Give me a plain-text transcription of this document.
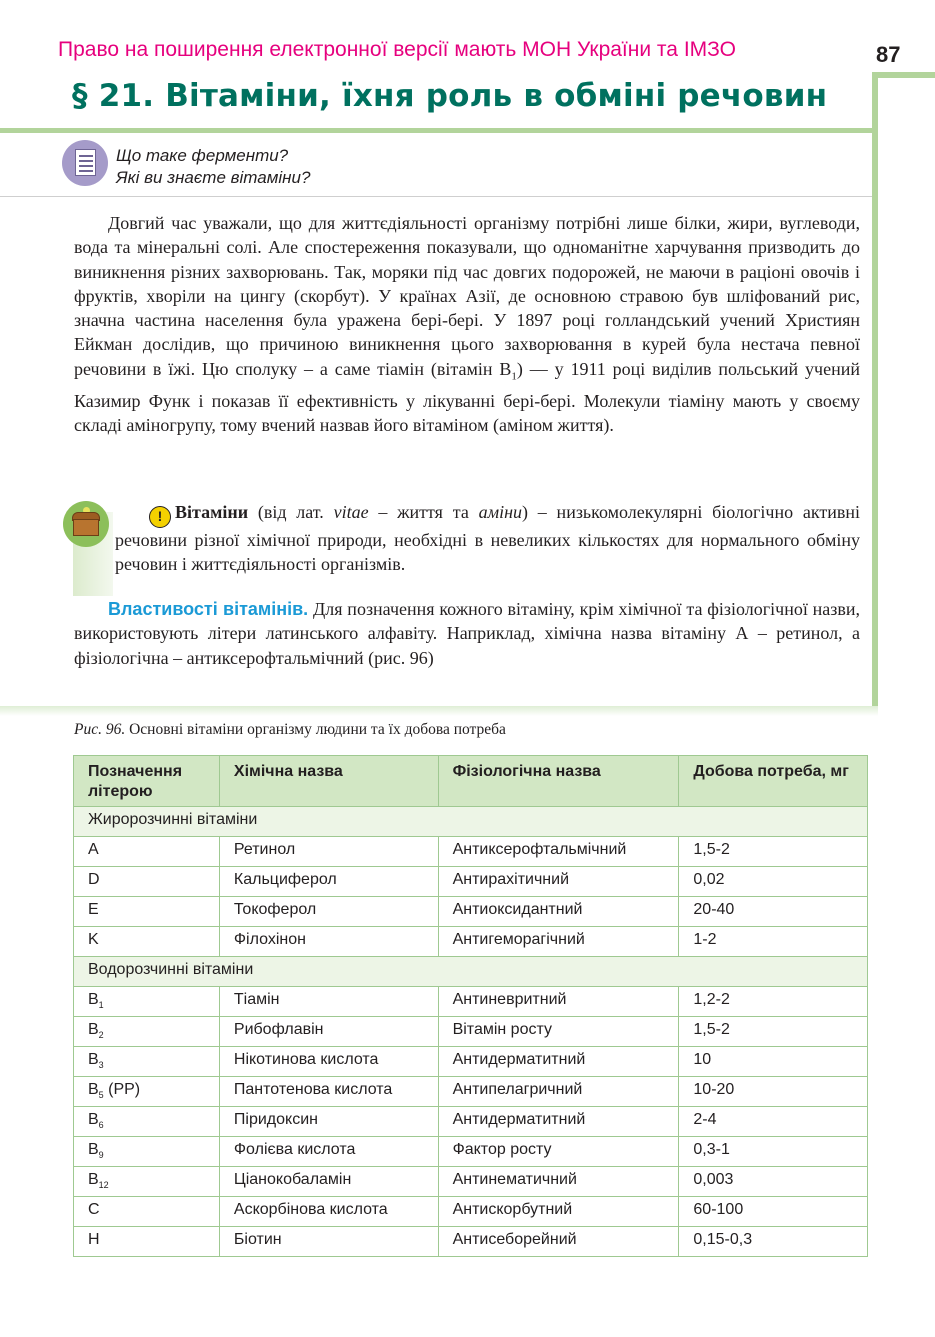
Право на поширення електронної версії мають МОН України та ІМЗО	87
§ 21. Вітаміни, їхня роль в обміні речовин
Що таке ферменти?
Які ви знаєте вітаміни?

Довгий час уважали, що для життєдіяльності організму потрібні лише білки, жири, вуглеводи, вода та мінеральні солі. Але спостереження показували, що одноманітне харчування призводить до виникнення різних захворювань. Так, моряки під час довгих подорожей, не маючи в раціоні овочів і фруктів, хворіли на цингу (скорбут). У країнах Азії, де основною стравою був шліфований рис, значна частина населення була уражена бері-бері. У 1897 році голландський учений Християн Ейкман дослідив, що причиною виникнення цього захворювання в курей була нестача певної речовини в їжі. Цю сполуку – а саме тіамін (вітамін $B_1$) — у 1911 році виділив польський учений Казимир Функ і показав її ефективність у лікуванні бері-бері. Молекули тіаміну мають у своєму складі аміногрупу, тому вчений назвав його вітаміном (аміном життя).

! Вітаміни (від лат. vitae – життя та аміни) – низькомолекулярні біологічно активні речовини різної хімічної природи, необхідні в невеликих кількостях для нормального обміну речовин і життєдіяльності організмів.
Властивості вітамінів. Для позначення кожного вітаміну, крім хімічної та фізіологічної назви, використовують літери латинського алфавіту. Наприклад, хімічна назва вітаміну А – ретинол, а фізіологічна – антиксерофтальмічний (рис. 96)
Рис. 96. Основні вітаміни організму людини та їх добова потреба
Позначення літерою	Хімічна назва	Фізіологічна назва	Добова потреба, мг
Жиророзчинні вітаміни			
A	Ретинол	Антиксерофтальмічний	1,5-2
D	Кальциферол	Антирахітичний	0,02
E	Токоферол	Антиоксидантний	20-40
K	Філохінон	Антигеморагічний	1-2
Водорозчинні вітаміни			
$B_1$	Тіамін	Антиневритний	1,2-2
$B_2$	Рибофлавін	Вітамін росту	1,5-2
$B_3$	Нікотинова кислота	Антидерматитний	10
$B_5$ (PP)	Пантотенова кислота	Антипелагричний	10-20
$B_6$	Піридоксин	Антидерматитний	2-4
$B_9$	Фолієва кислота	Фактор росту	0,3-1
$B_{12}$	Ціанокобаламін	Антинематичний	0,003
C	Аскорбінова кислота	Антискорбутний	60-100
H	Біотин	Антисеборейний	0,15-0,3
